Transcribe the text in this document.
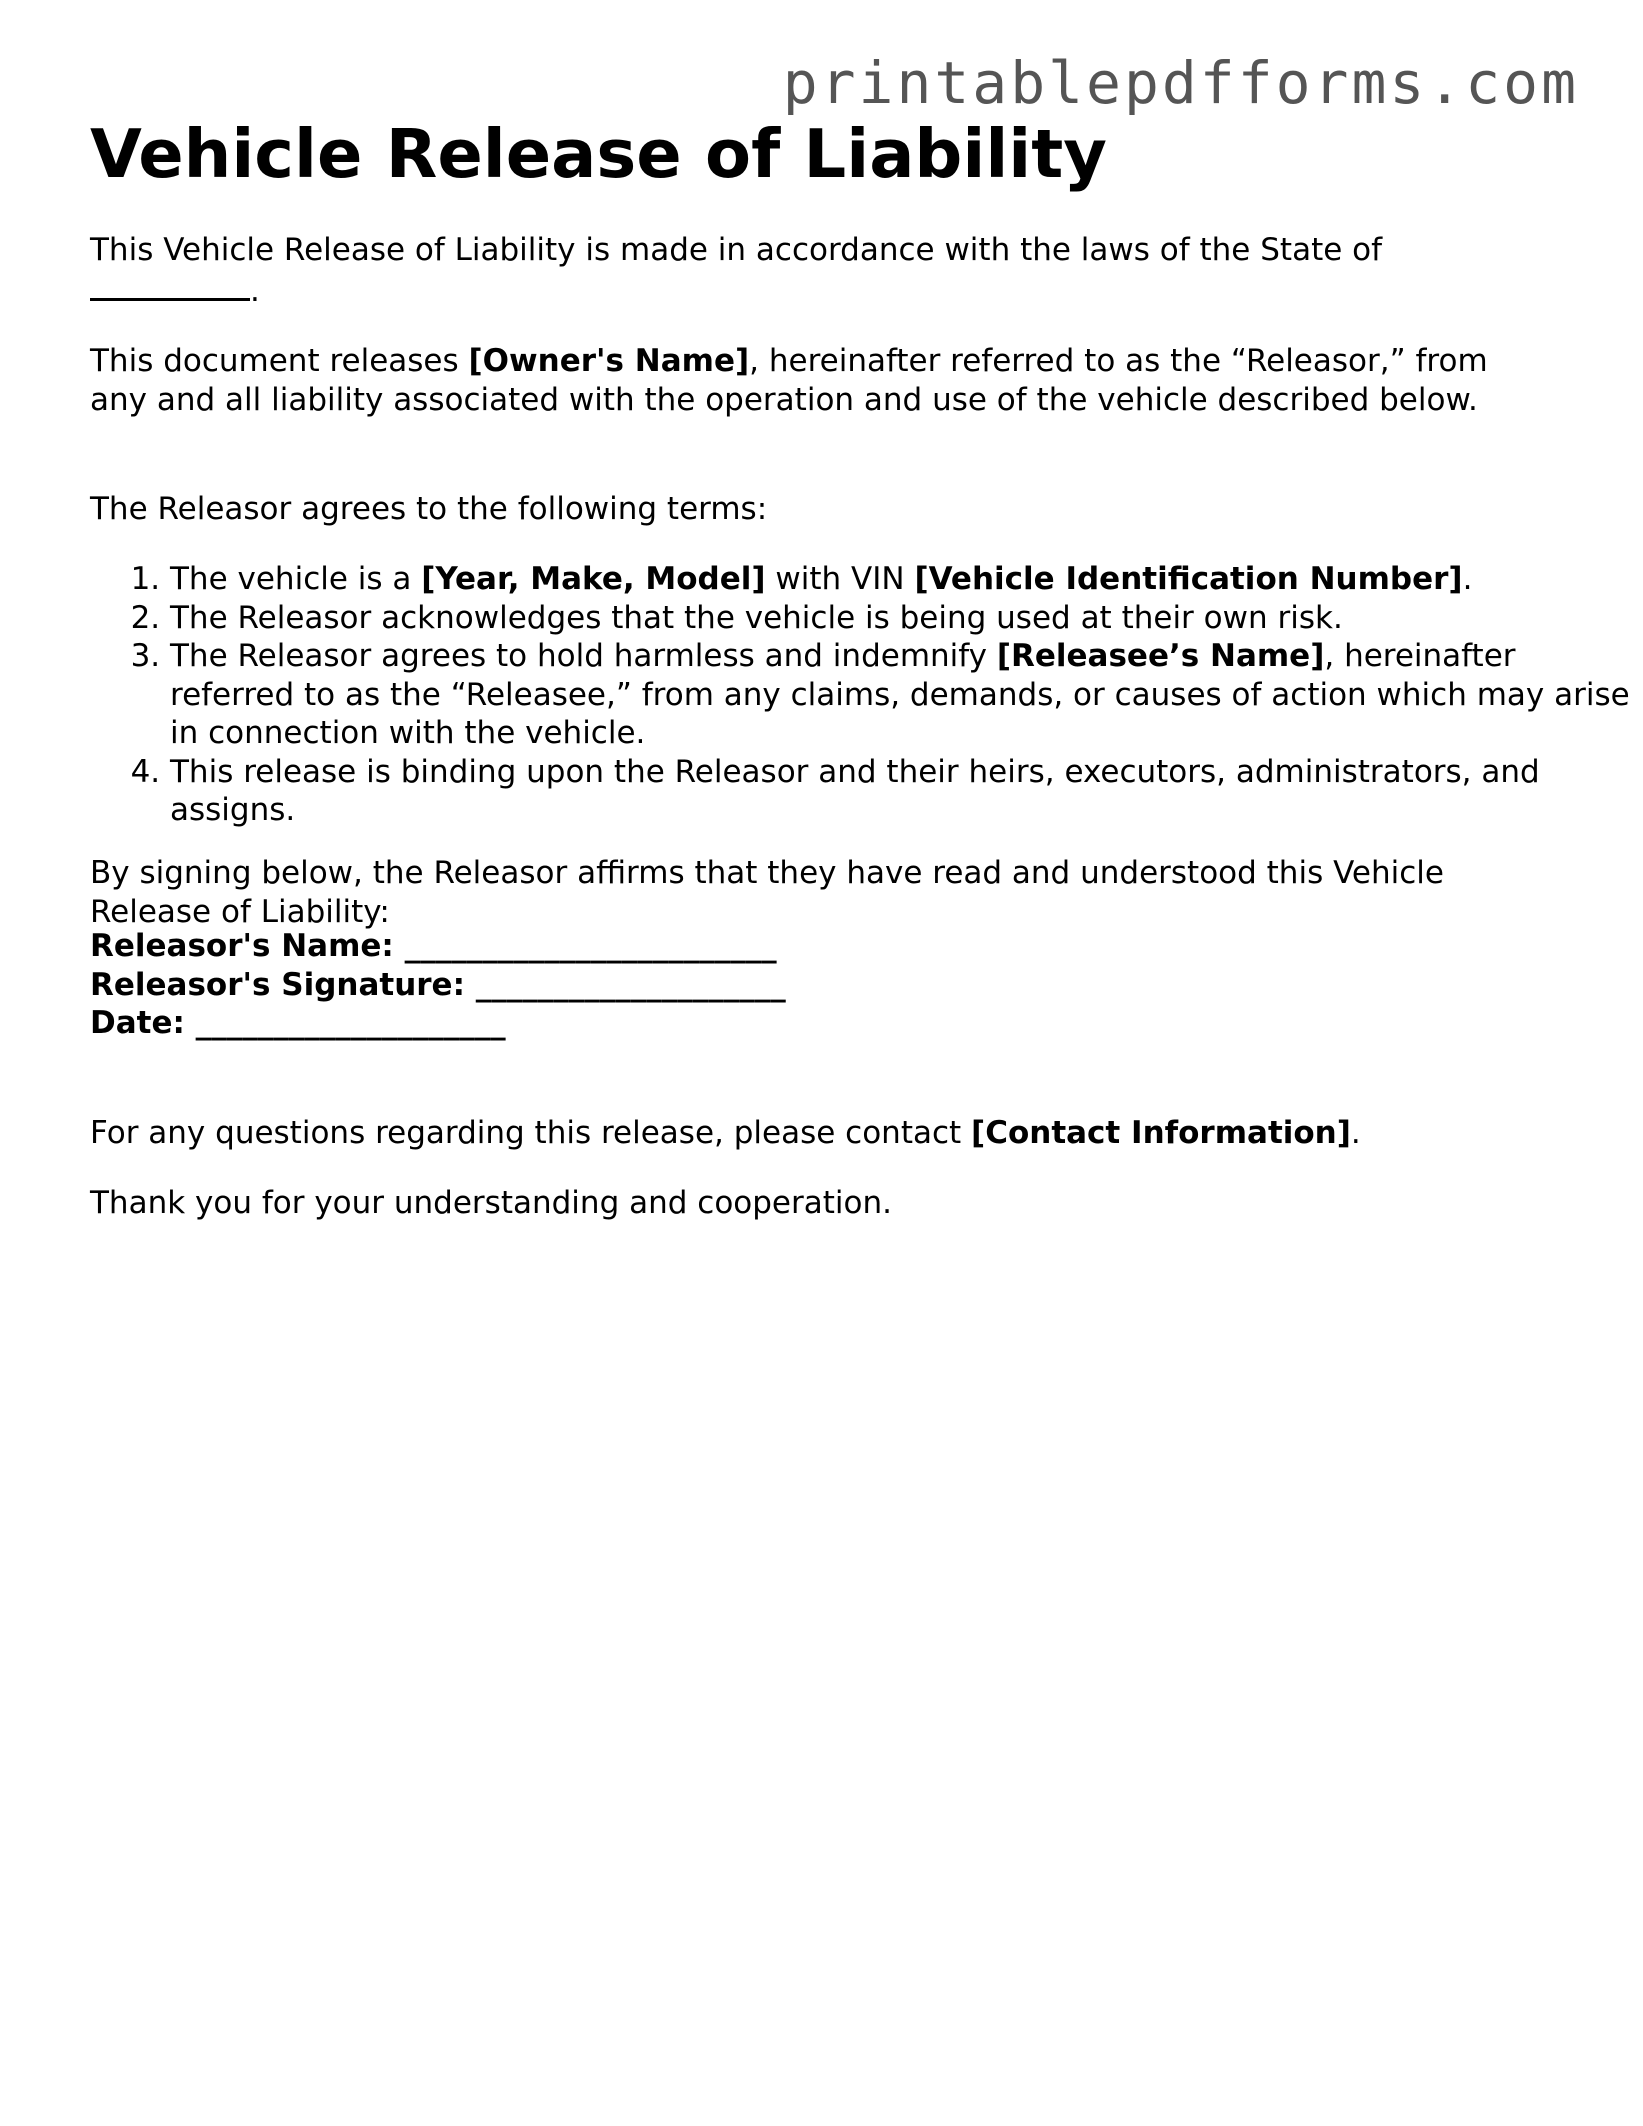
printablepdfforms.com
Vehicle Release of Liability

This Vehicle Release of Liability is made in accordance with the laws of the State of
.

This document releases [Owner's Name], hereinafter referred to as the “Releasor,” from any and all liability associated with the operation and use of the vehicle described below.

The Releasor agrees to the following terms:

1. The vehicle is a [Year, Make, Model] with VIN [Vehicle Identification Number].
2. The Releasor acknowledges that the vehicle is being used at their own risk.
3. The Releasor agrees to hold harmless and indemnify [Releasee’s Name], hereinafter referred to as the “Releasee,” from any claims, demands, or causes of action which may arise in connection with the vehicle.
4. This release is binding upon the Releasor and their heirs, executors, administrators, and assigns.

By signing below, the Releasor affirms that they have read and understood this Vehicle Release of Liability:

Releasor's Name: ________________________
Releasor's Signature: ____________________
Date: ____________________

For any questions regarding this release, please contact [Contact Information].

Thank you for your understanding and cooperation.
